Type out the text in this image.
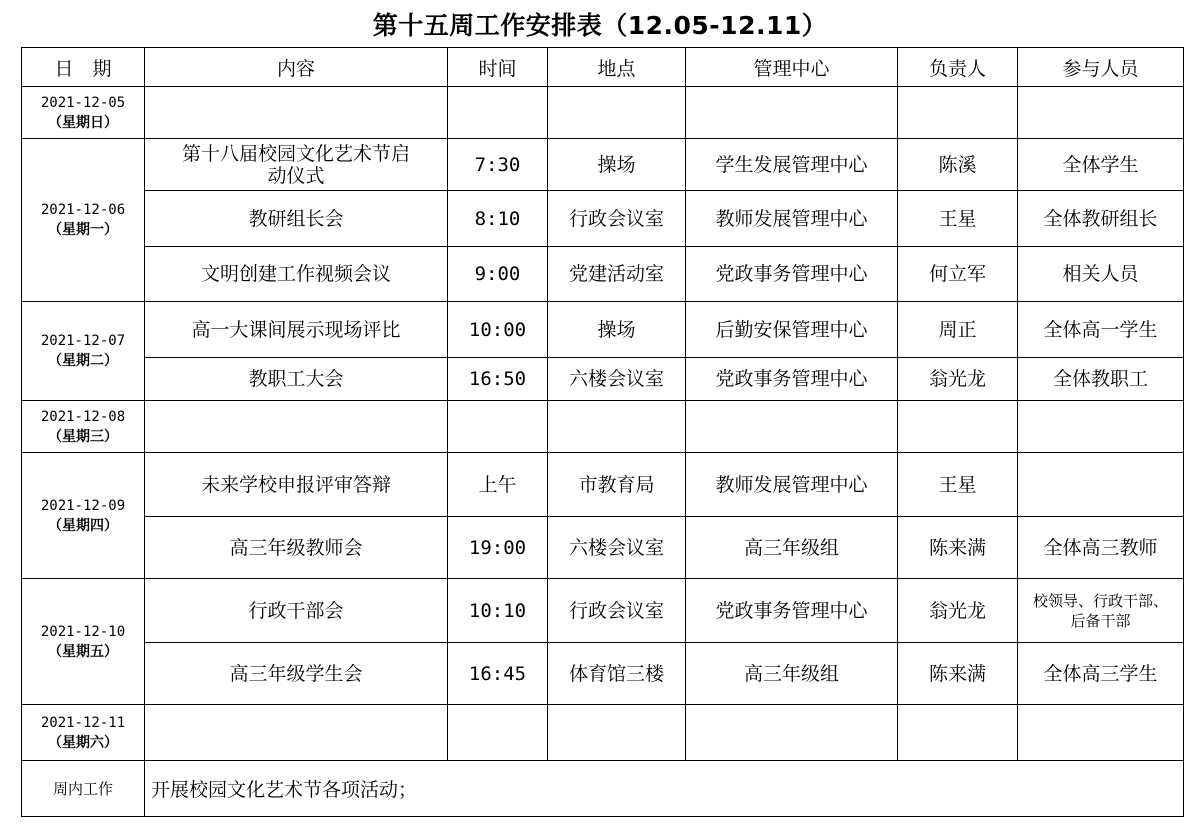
第十五周工作安排表（12.05-12.11）
日　期	内容	时间	地点	管理中心	负责人	参与人员

2021-12-05
（星期日）						

2021-12-06
（星期一）	第十八届校园文化艺术节启动仪式	7:30	操场	学生发展管理中心	陈溪	全体学生
	教研组长会	8:10	行政会议室	教师发展管理中心	王星	全体教研组长
	文明创建工作视频会议	9:00	党建活动室	党政事务管理中心	何立军	相关人员

2021-12-07
（星期二）	高一大课间展示现场评比	10:00	操场	后勤安保管理中心	周正	全体高一学生
	教职工大会	16:50	六楼会议室	党政事务管理中心	翁光龙	全体教职工

2021-12-08
（星期三）						

2021-12-09
（星期四）	未来学校申报评审答辩	上午	市教育局	教师发展管理中心	王星	
	高三年级教师会	19:00	六楼会议室	高三年级组	陈来满	全体高三教师

2021-12-10
（星期五）	行政干部会	10:10	行政会议室	党政事务管理中心	翁光龙	校领导、行政干部、后备干部

	高三年级学生会	16:45	体育馆三楼	高三年级组	陈来满	全体高三学生

2021-12-11
（星期六）						

周内工作	开展校园文化艺术节各项活动；					
